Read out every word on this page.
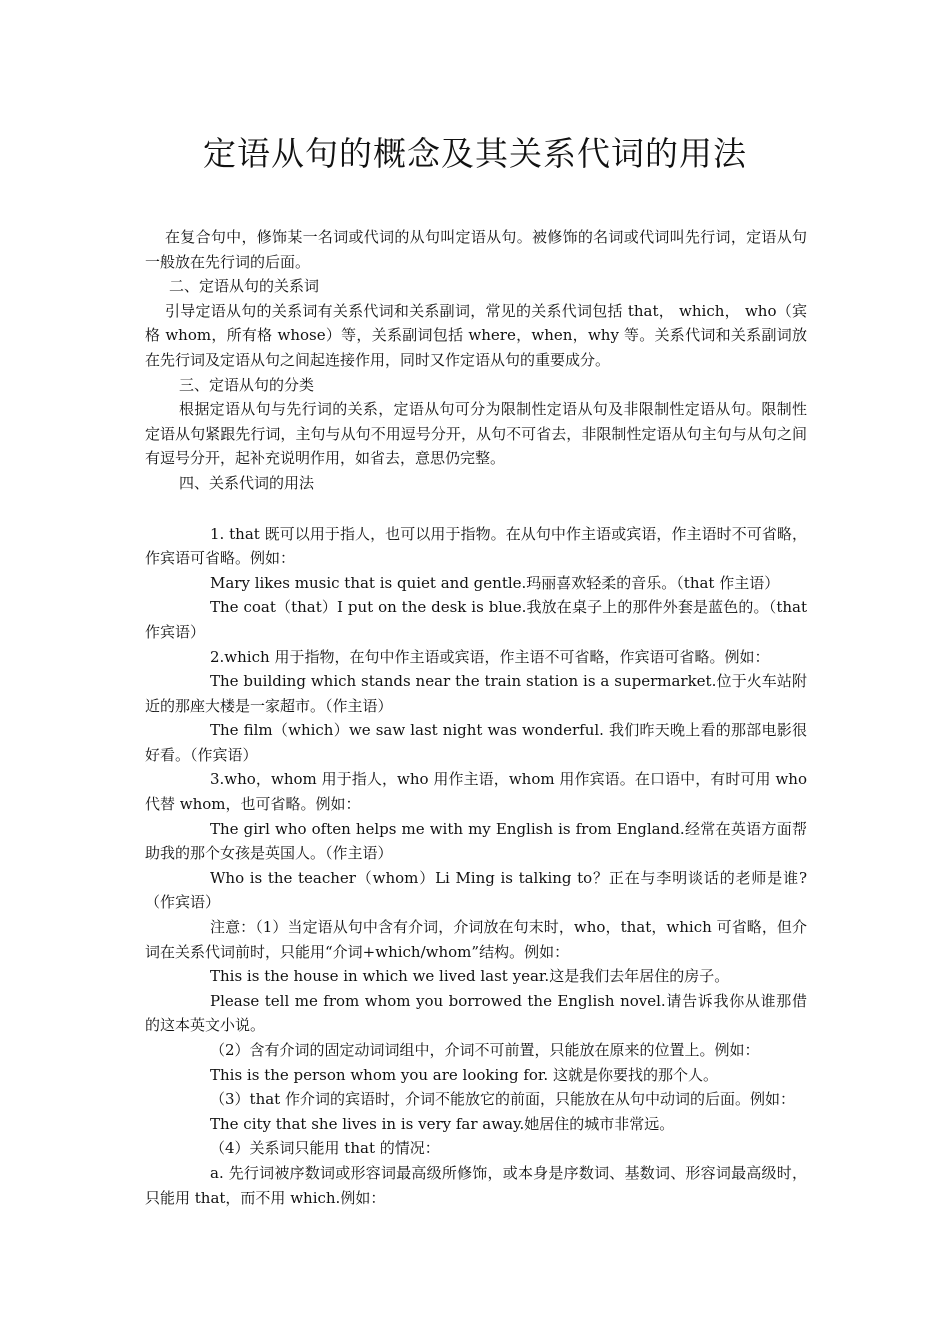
定语从句的概念及其关系代词的用法

在复合句中，修饰某一名词或代词的从句叫定语从句。被修饰的名词或代词叫先行词，定语从句一般放在先行词的后面。

二、定语从句的关系词

引导定语从句的关系词有关系代词和关系副词，常见的关系代词包括 that， which， who（宾格 whom，所有格 whose）等，关系副词包括 where，when，why 等。关系代词和关系副词放在先行词及定语从句之间起连接作用，同时又作定语从句的重要成分。

三、定语从句的分类

根据定语从句与先行词的关系，定语从句可分为限制性定语从句及非限制性定语从句。限制性定语从句紧跟先行词，主句与从句不用逗号分开，从句不可省去，非限制性定语从句主句与从句之间有逗号分开，起补充说明作用，如省去，意思仍完整。

四、关系代词的用法

1. that 既可以用于指人，也可以用于指物。在从句中作主语或宾语，作主语时不可省略，作宾语可省略。例如：

Mary likes music that is quiet and gentle.玛丽喜欢轻柔的音乐。（that 作主语）

The coat（that）I put on the desk is blue.我放在桌子上的那件外套是蓝色的。（that 作宾语）

2.which 用于指物，在句中作主语或宾语，作主语不可省略，作宾语可省略。例如：

The building which stands near the train station is a supermarket.位于火车站附近的那座大楼是一家超市。（作主语）

The film（which）we saw last night was wonderful. 我们昨天晚上看的那部电影很好看。（作宾语）

3.who，whom 用于指人，who 用作主语，whom 用作宾语。在口语中，有时可用 who 代替 whom，也可省略。例如：

The girl who often helps me with my English is from England.经常在英语方面帮助我的那个女孩是英国人。（作主语）

Who is the teacher（whom）Li Ming is talking to？正在与李明谈话的老师是谁?（作宾语）

注意：（1）当定语从句中含有介词，介词放在句末时，who，that，which 可省略，但介词在关系代词前时，只能用“介词+which/whom”结构。例如：

This is the house in which we lived last year.这是我们去年居住的房子。

Please tell me from whom you borrowed the English novel.请告诉我你从谁那借的这本英文小说。

（2）含有介词的固定动词词组中，介词不可前置，只能放在原来的位置上。例如：

This is the person whom you are looking for. 这就是你要找的那个人。

（3）that 作介词的宾语时，介词不能放它的前面，只能放在从句中动词的后面。例如：

The city that she lives in is very far away.她居住的城市非常远。

（4）关系词只能用 that 的情况：

a. 先行词被序数词或形容词最高级所修饰，或本身是序数词、基数词、形容词最高级时，只能用 that，而不用 which.例如：
